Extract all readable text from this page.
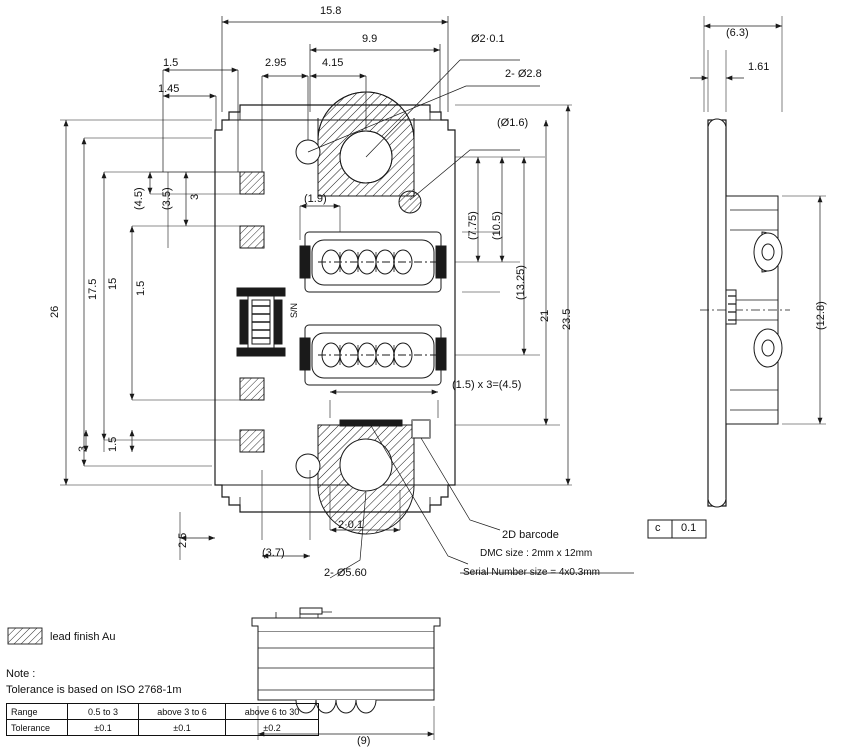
15.8
9.9	Ø2·0.1
2- Ø2.8
(Ø1.6)
1.5
1.45
2.95	4.15
(1.9)
(4.5) (3.5) 3
1.5
15
17.5
26
3 1.5
2.5
(3.7)
2·0.1
2- Ø5.60
(7.75) (10.5)
(13.25)
21 23.5
(1.5) x 3=(4.5)
S/N
2D barcode
DMC size : 2mm x 12mm
Serial Number size = 4x0.3mm
(6.3)
1.61
(12.8)
c 0.1
(9)
lead finish Au
Note :
Tolerance is based on ISO 2768-1m
Range	0.5 to 3	above 3 to 6	above 6 to 30
Tolerance	±0.1	±0.1	±0.2
